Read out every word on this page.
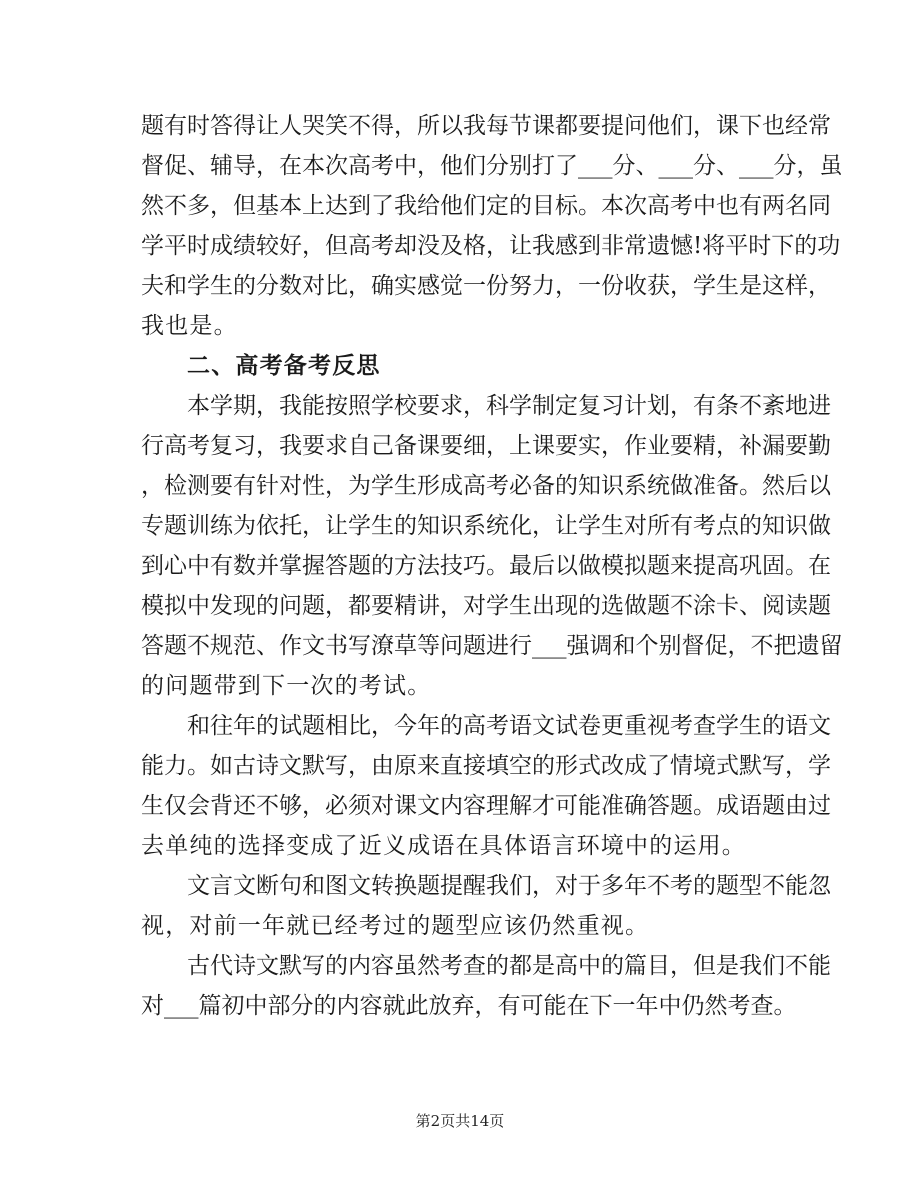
题有时答得让人哭笑不得，所以我每节课都要提问他们，课下也经常
督促、辅导，在本次高考中，他们分别打了___分、___分、___分，虽
然不多，但基本上达到了我给他们定的目标。本次高考中也有两名同
学平时成绩较好，但高考却没及格，让我感到非常遗憾!将平时下的功
夫和学生的分数对比，确实感觉一份努力，一份收获，学生是这样，
我也是。
二、高考备考反思
本学期，我能按照学校要求，科学制定复习计划，有条不紊地进
行高考复习，我要求自己备课要细，上课要实，作业要精，补漏要勤
，检测要有针对性，为学生形成高考必备的知识系统做准备。然后以
专题训练为依托，让学生的知识系统化，让学生对所有考点的知识做
到心中有数并掌握答题的方法技巧。最后以做模拟题来提高巩固。在
模拟中发现的问题，都要精讲，对学生出现的选做题不涂卡、阅读题
答题不规范、作文书写潦草等问题进行___强调和个别督促，不把遗留
的问题带到下一次的考试。
和往年的试题相比，今年的高考语文试卷更重视考查学生的语文
能力。如古诗文默写，由原来直接填空的形式改成了情境式默写，学
生仅会背还不够，必须对课文内容理解才可能准确答题。成语题由过
去单纯的选择变成了近义成语在具体语言环境中的运用。
文言文断句和图文转换题提醒我们，对于多年不考的题型不能忽
视，对前一年就已经考过的题型应该仍然重视。
古代诗文默写的内容虽然考查的都是高中的篇目，但是我们不能
对___篇初中部分的内容就此放弃，有可能在下一年中仍然考查。
第2页共14页
